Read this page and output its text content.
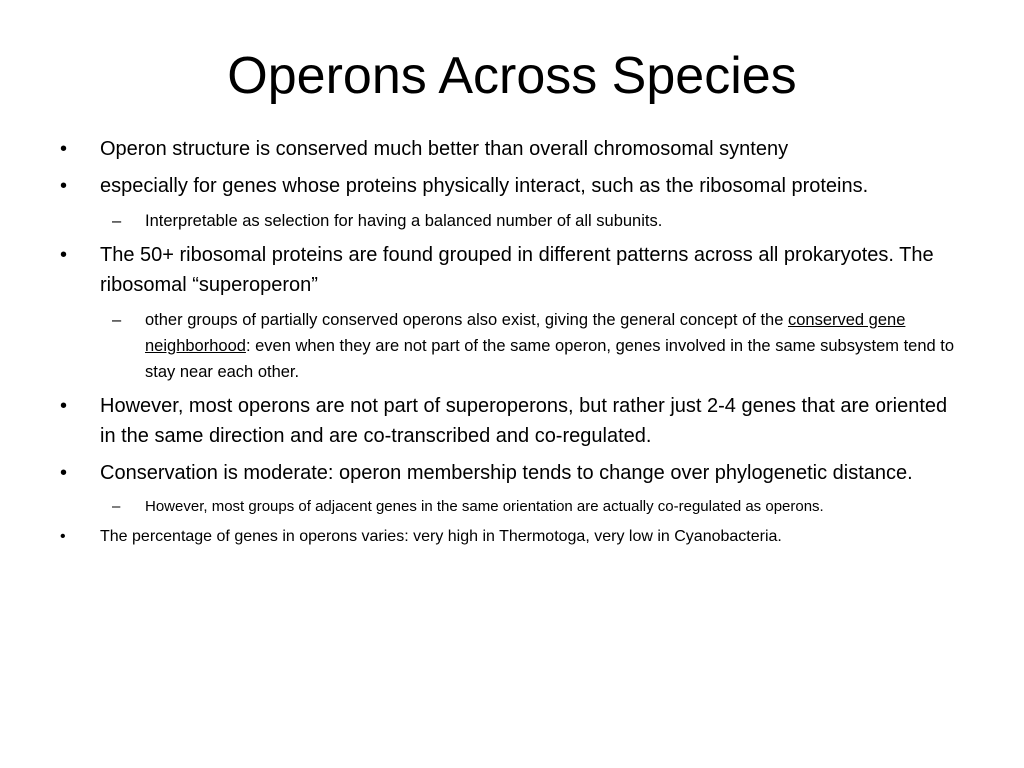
Operons Across Species
• Operon structure is conserved much better than overall chromosomal synteny
• especially for genes whose proteins physically interact, such as the ribosomal proteins.
– Interpretable as selection for having a balanced number of all subunits.
• The 50+ ribosomal proteins are found grouped in different patterns across all prokaryotes. The ribosomal “superoperon”
– other groups of partially conserved operons also exist, giving the general concept of the conserved gene neighborhood: even when they are not part of the same operon, genes involved in the same subsystem tend to stay near each other.
• However, most operons are not part of superoperons, but rather just 2-4 genes that are oriented in the same direction and are co-transcribed and co-regulated.
• Conservation is moderate: operon membership tends to change over phylogenetic distance.
– However, most groups of adjacent genes in the same orientation are actually co-regulated as operons.
• The percentage of genes in operons varies: very high in Thermotoga, very low in Cyanobacteria.
